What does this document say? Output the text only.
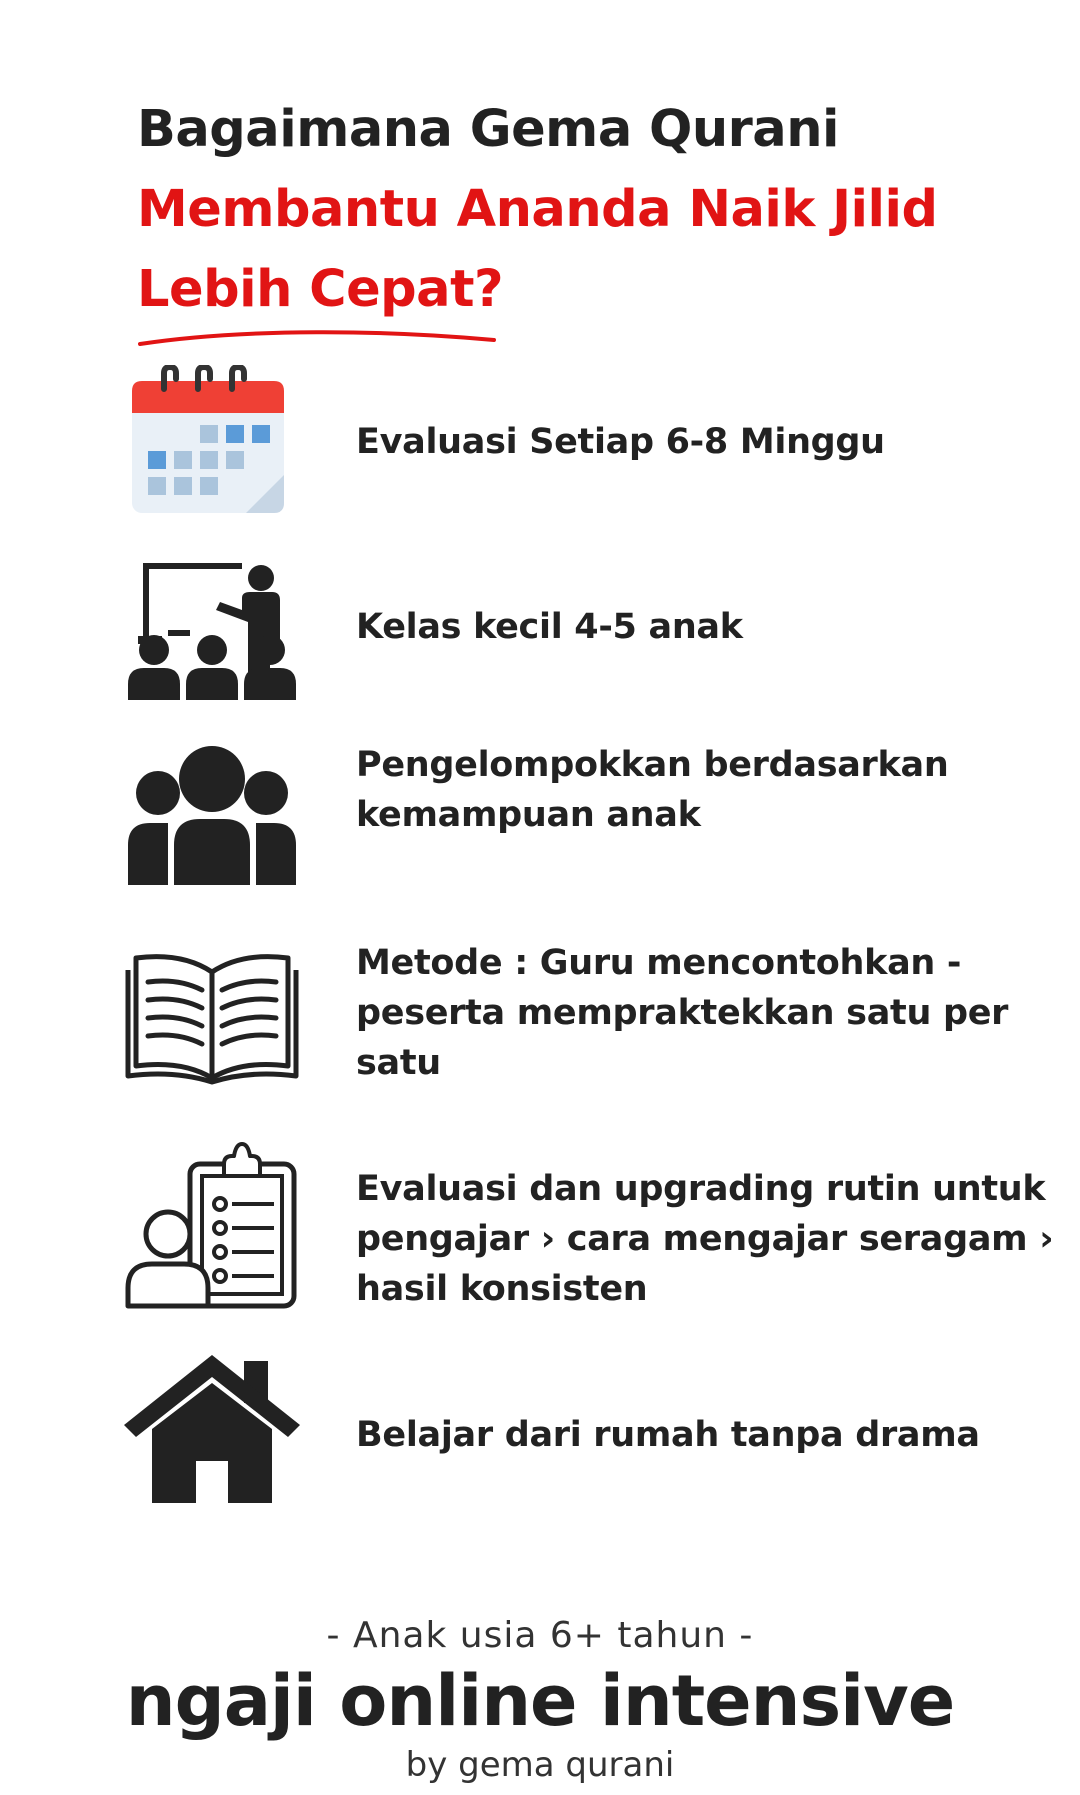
Bagaimana Gema Qurani
Membantu Ananda Naik Jilid
Lebih Cepat?

Evaluasi Setiap 6-8 Minggu

Kelas kecil 4-5 anak

Pengelompokkan berdasarkan kemampuan anak

Metode : Guru mencontohkan - peserta mempraktekkan satu per satu

Evaluasi dan upgrading rutin untuk pengajar › cara mengajar seragam › hasil konsisten

Belajar dari rumah tanpa drama

- Anak usia 6+ tahun -
ngaji online intensive
by gema qurani
